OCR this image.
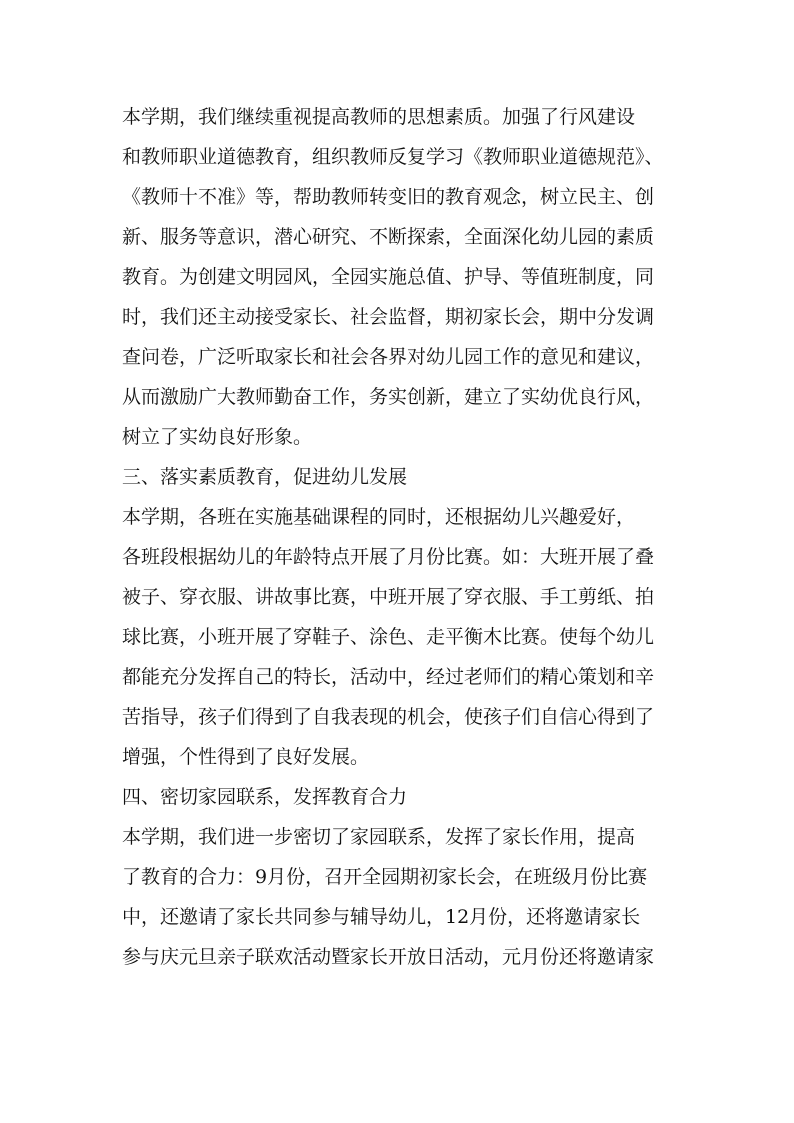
本学期，我们继续重视提高教师的思想素质。加强了行风建设
和教师职业道德教育，组织教师反复学习《教师职业道德规范》、
《教师十不准》等，帮助教师转变旧的教育观念，树立民主、创
新、服务等意识，潜心研究、不断探索，全面深化幼儿园的素质
教育。为创建文明园风，全园实施总值、护导、等值班制度，同
时，我们还主动接受家长、社会监督，期初家长会，期中分发调
查问卷，广泛听取家长和社会各界对幼儿园工作的意见和建议，
从而激励广大教师勤奋工作，务实创新，建立了实幼优良行风，
树立了实幼良好形象。
三、落实素质教育，促进幼儿发展
本学期，各班在实施基础课程的同时，还根据幼儿兴趣爱好，
各班段根据幼儿的年龄特点开展了月份比赛。如：大班开展了叠
被子、穿衣服、讲故事比赛，中班开展了穿衣服、手工剪纸、拍
球比赛，小班开展了穿鞋子、涂色、走平衡木比赛。使每个幼儿
都能充分发挥自己的特长，活动中，经过老师们的精心策划和辛
苦指导，孩子们得到了自我表现的机会，使孩子们自信心得到了
增强，个性得到了良好发展。
四、密切家园联系，发挥教育合力
本学期，我们进一步密切了家园联系，发挥了家长作用，提高
了教育的合力：9月份，召开全园期初家长会，在班级月份比赛
中，还邀请了家长共同参与辅导幼儿，12月份，还将邀请家长
参与庆元旦亲子联欢活动暨家长开放日活动，元月份还将邀请家
